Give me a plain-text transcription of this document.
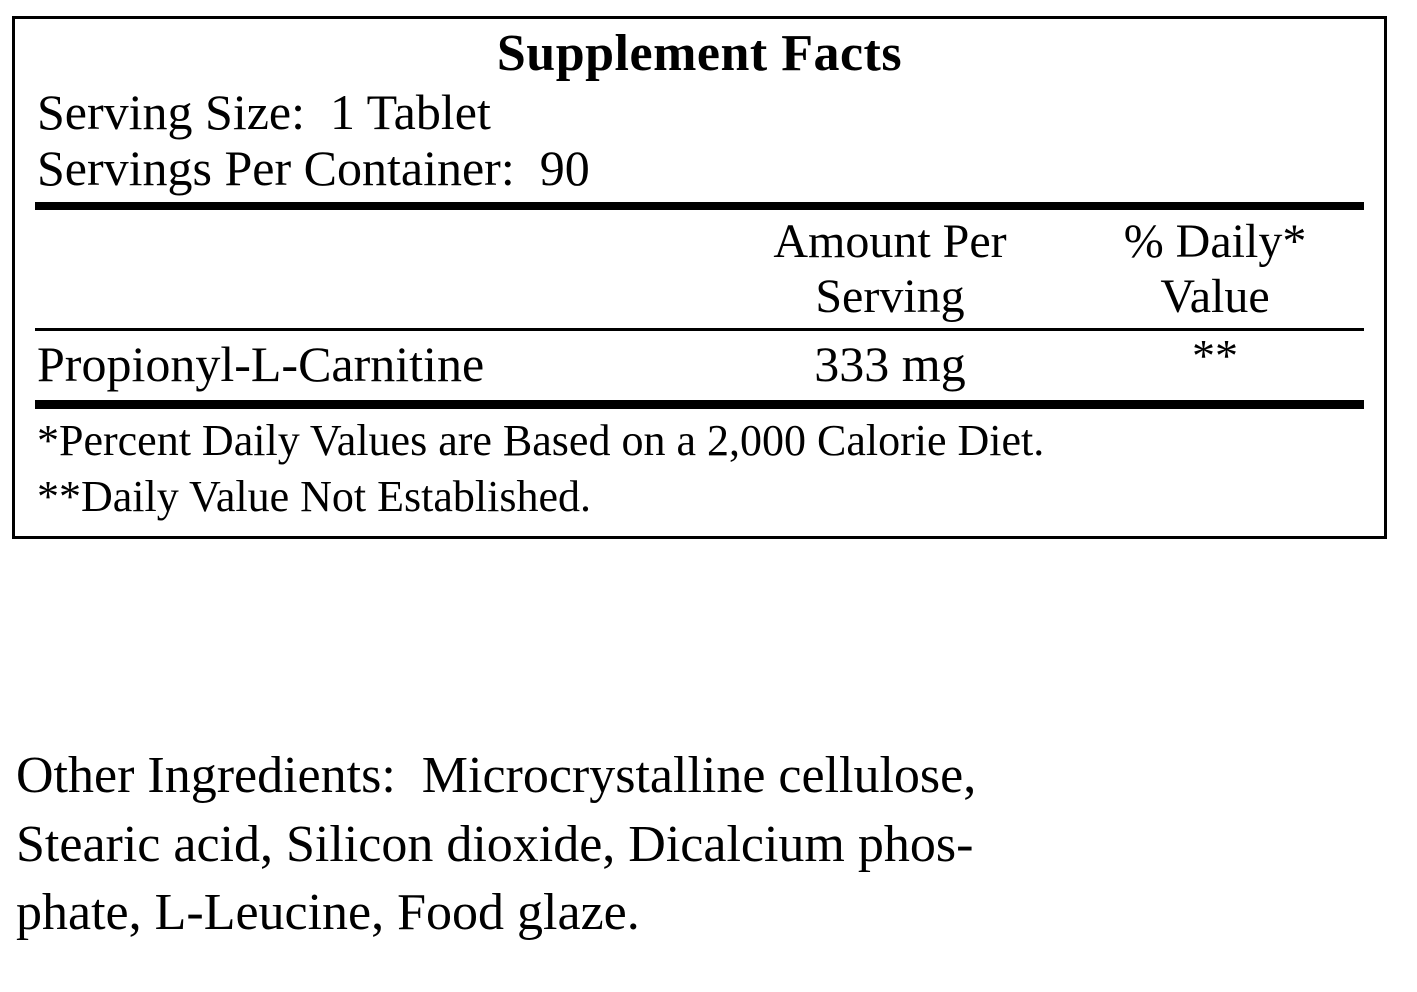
Supplement Facts
Serving Size:  1 Tablet
Servings Per Container:  90
Amount Per
Serving
% Daily*
Value
Propionyl-L-Carnitine	333 mg	**
*Percent Daily Values are Based on a 2,000 Calorie Diet.
**Daily Value Not Established.
Other Ingredients:  Microcrystalline cellulose,
Stearic acid, Silicon dioxide, Dicalcium phos-
phate, L-Leucine, Food glaze.
